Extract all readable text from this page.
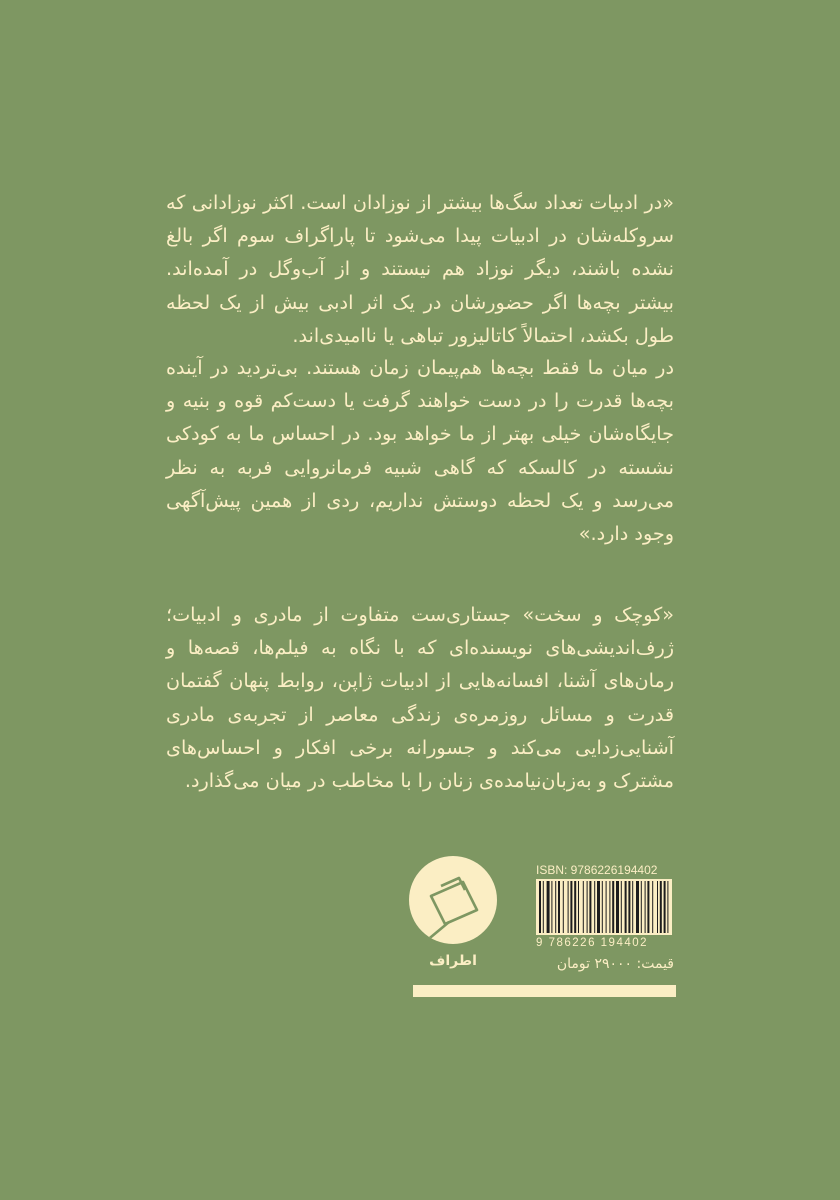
«در ادبیات تعداد سگ‌ها بیشتر از نوزادان است. اکثر نوزادانی که سروکله‌شان در ادبیات پیدا می‌شود تا پاراگراف سوم اگر بالغ نشده باشند، دیگر نوزاد هم نیستند و از آب‌وگل در آمده‌اند. بیشتر بچه‌ها اگر حضورشان در یک اثر ادبی بیش از یک لحظه طول بکشد، احتمالاً کاتالیزور تباهی یا ناامیدی‌اند.
در میان ما فقط بچه‌ها هم‌پیمان زمان هستند. بی‌تردید در آینده بچه‌ها قدرت را در دست خواهند گرفت یا دست‌کم قوه و بنیه و جایگاه‌شان خیلی بهتر از ما خواهد بود. در احساس ما به کودکی نشسته در کالسکه که گاهی شبیه فرمانروایی فربه به نظر می‌رسد و یک لحظه دوستش نداریم، ردی از همین پیش‌آگهی وجود دارد.»
«کوچک و سخت» جستاری‌ست متفاوت از مادری و ادبیات؛ ژرف‌اندیشی‌های نویسنده‌ای که با نگاه به فیلم‌ها، قصه‌ها و رمان‌های آشنا، افسانه‌هایی از ادبیات ژاپن، روابط پنهان گفتمان قدرت و مسائل روزمره‌ی زندگی معاصر از تجربه‌ی مادری آشنایی‌زدایی می‌کند و جسورانه برخی افکار و احساس‌های مشترک و به‌زبان‌نیامده‌ی زنان را با مخاطب در میان می‌گذارد.
اطراف
ISBN: 9786226194402
9 786226 194402
قیمت: ۲۹۰۰۰ تومان
